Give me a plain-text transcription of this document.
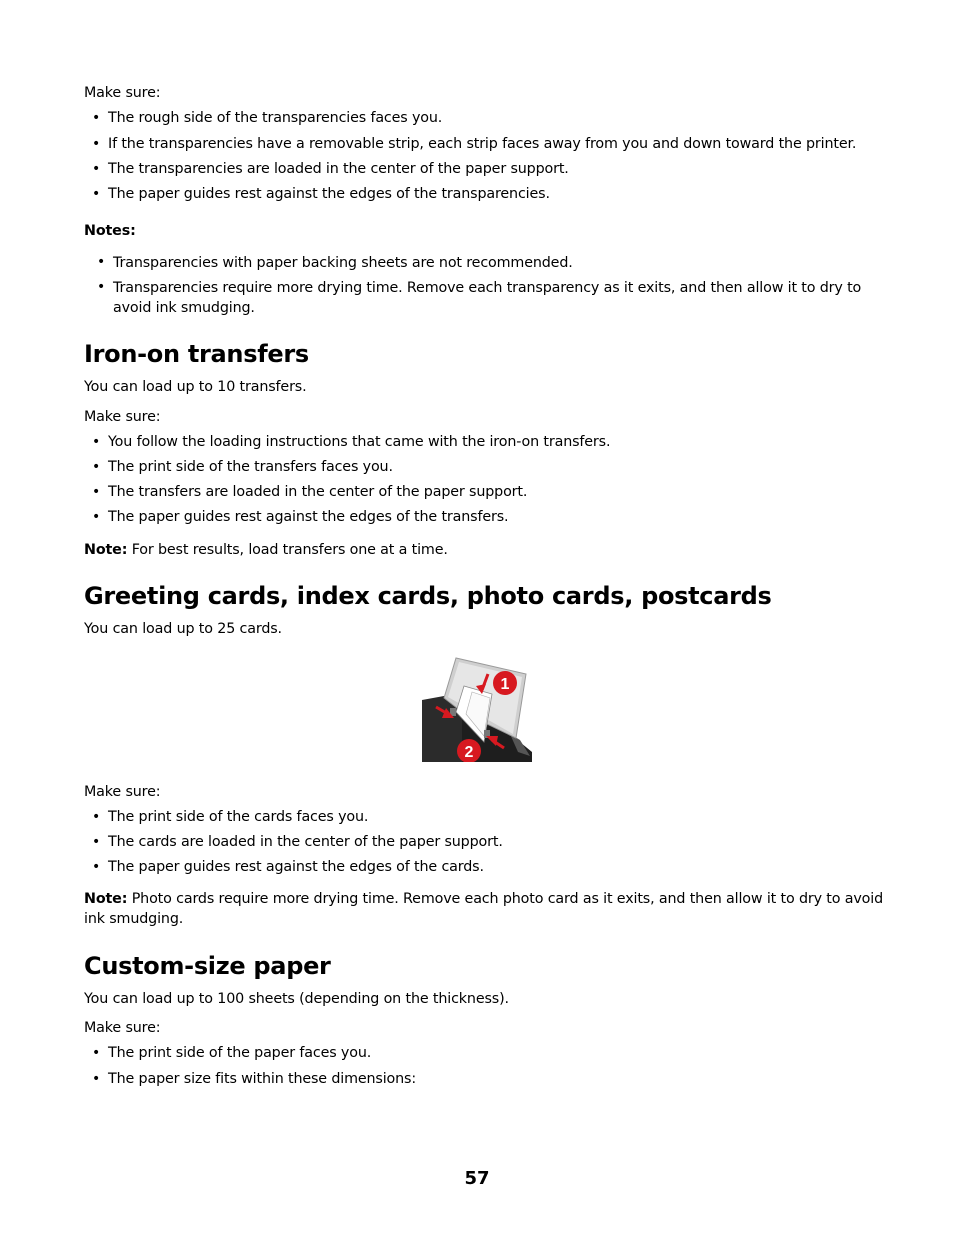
Make sure:
• The rough side of the transparencies faces you.
• If the transparencies have a removable strip, each strip faces away from you and down toward the printer.
• The transparencies are loaded in the center of the paper support.
• The paper guides rest against the edges of the transparencies.
Notes:
• Transparencies with paper backing sheets are not recommended.
• Transparencies require more drying time. Remove each transparency as it exits, and then allow it to dry to avoid ink smudging.
Iron-on transfers
You can load up to 10 transfers.
Make sure:
• You follow the loading instructions that came with the iron-on transfers.
• The print side of the transfers faces you.
• The transfers are loaded in the center of the paper support.
• The paper guides rest against the edges of the transfers.
Note: For best results, load transfers one at a time.
Greeting cards, index cards, photo cards, postcards
You can load up to 25 cards.
1
2
Make sure:
• The print side of the cards faces you.
• The cards are loaded in the center of the paper support.
• The paper guides rest against the edges of the cards.
Note: Photo cards require more drying time. Remove each photo card as it exits, and then allow it to dry to avoid ink smudging.
Custom-size paper
You can load up to 100 sheets (depending on the thickness).
Make sure:
• The print side of the paper faces you.
• The paper size fits within these dimensions:
57
